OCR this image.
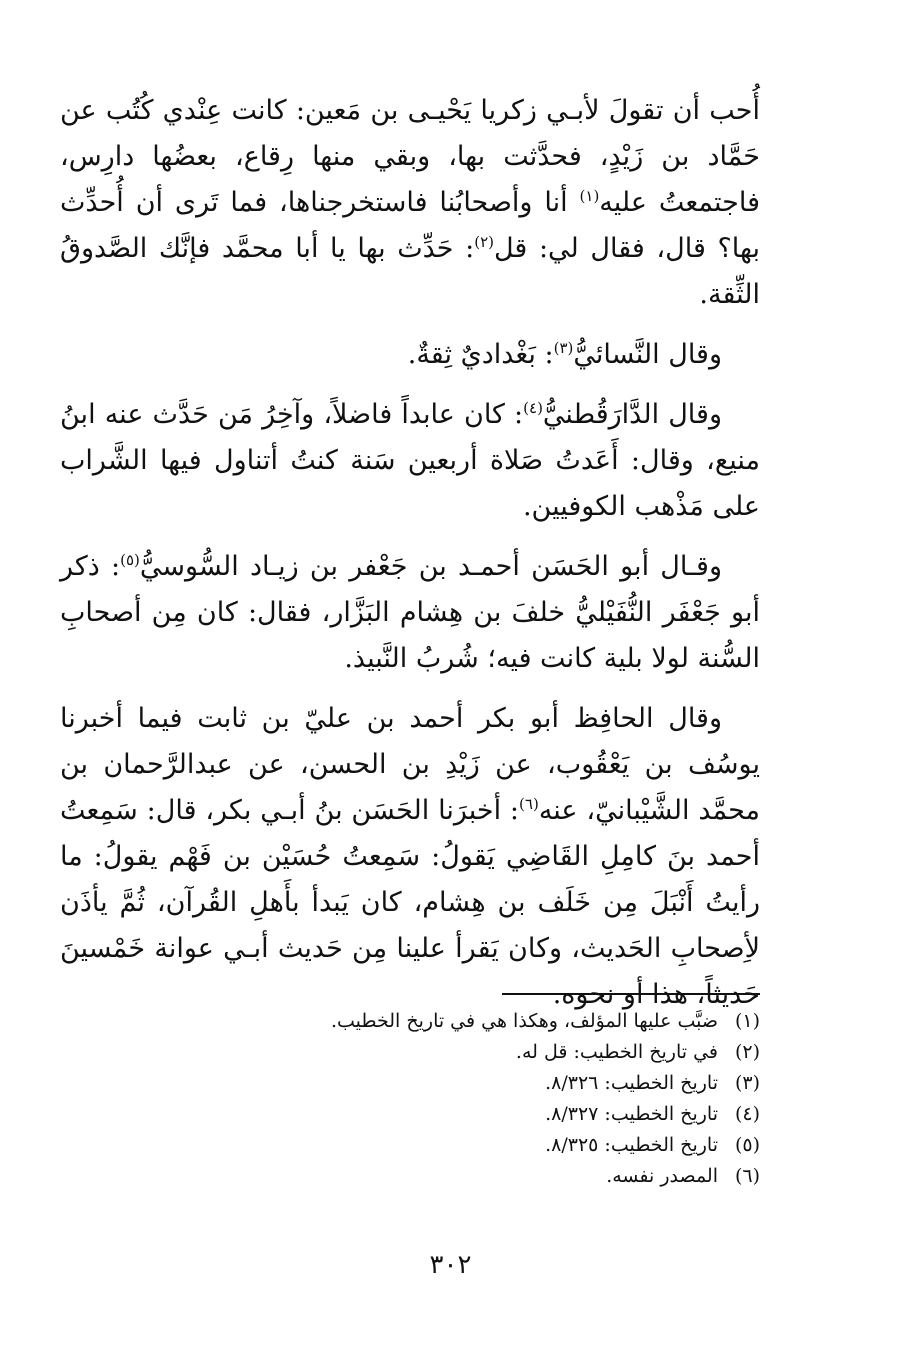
أُحب أن تقولَ لأبـي زكريا يَحْيـى بن مَعين: كانت عِنْدي كُتُب عن حَمَّاد بن زَيْدٍ، فحدَّثت بها، وبقي منها رِقاع، بعضُها دارِس، فاجتمعتُ عليه$^{(١)}$ أنا وأصحابُنا فاستخرجناها، فما تَرى أن أُحدِّث بها؟ قال، فقال لي: قل$^{(٢)}$: حَدِّث بها يا أبا محمَّد فإنَّك الصَّدوقُ الثِّقة.

وقال النَّسائيُّ$^{(٣)}$: بَغْداديٌ ثِقةٌ.

وقال الدَّارَقُطنيُّ$^{(٤)}$: كان عابداً فاضلاً، وآخِرُ مَن حَدَّث عنه ابنُ منيع، وقال: أَعَدتُ صَلاة أربعين سَنة كنتُ أتناول فيها الشَّراب على مَذْهب الكوفيين.

وقـال أبو الحَسَن أحمـد بن جَعْفر بن زيـاد السُّوسيُّ$^{(٥)}$: ذكر أبو جَعْفَر النُّفَيْليُّ خلفَ بن هِشام البَزَّار، فقال: كان مِن أصحابِ السُّنة لولا بلية كانت فيه؛ شُربُ النَّبيذ.

وقال الحافِظ أبو بكر أحمد بن عليّ بن ثابت فيما أخبرنا يوسُف بن يَعْقُوب، عن زَيْدِ بن الحسن، عن عبدالرَّحمان بن محمَّد الشَّيْبانيّ، عنه$^{(٦)}$: أخبرَنا الحَسَن بنُ أبـي بكر، قال: سَمِعتُ أحمد بنَ كامِلِ القَاضِي يَقولُ: سَمِعتُ حُسَيْن بن فَهْم يقولُ: ما رأيتُ أَنْبَلَ مِن خَلَف بن هِشام، كان يَبدأ بأَهلِ القُرآن، ثُمَّ يأذَن لأِصحابِ الحَديث، وكان يَقرأ علينا مِن حَديث أبـي عوانة خَمْسينَ حَديثاً، هذا أو نحوه.

(١)
ضبَّب عليها المؤلف، وهكذا هي في تاريخ الخطيب.
(٢)
في تاريخ الخطيب: قل له.
(٣)
تاريخ الخطيب: ٨/٣٢٦.
(٤)
تاريخ الخطيب: ٨/٣٢٧.
(٥)
تاريخ الخطيب: ٨/٣٢٥.
(٦)
المصدر نفسه.
٣٠٢
